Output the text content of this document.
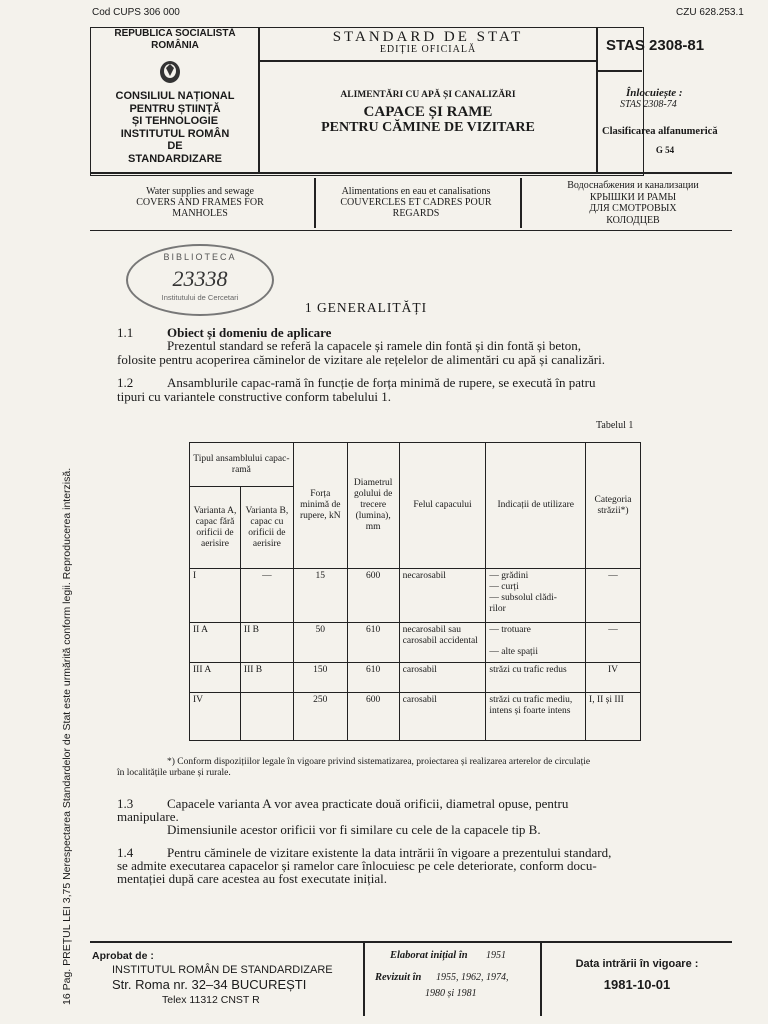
Cod CUPS 306 000	CZU 628.253.1
REPUBLICA SOCIALISTĂ
ROMÂNIA
CONSILIUL NAȚIONAL
PENTRU ȘTIINȚĂ
ȘI TEHNOLOGIE
INSTITUTUL ROMÂN
DE
STANDARDIZARE
STANDARD DE STAT
EDIȚIE OFICIALĂ
ALIMENTĂRI CU APĂ ȘI CANALIZĂRI
CAPACE ȘI RAME
PENTRU CĂMINE DE VIZITARE
STAS 2308-81
Înlocuiește :
STAS 2308-74
Clasificarea alfanumerică
G 54
Water supplies and sewage
COVERS AND FRAMES FOR
MANHOLES
Alimentations en eau et canalisations
COUVERCLES ET CADRES POUR
REGARDS
Водоснабжения и канализации
КРЫШКИ И РАМЫ
ДЛЯ СМОТРОВЫХ
КОЛОДЦЕВ
BIBLIOTECA
23338
Institutului de Cercetari
1 GENERALITĂȚI
1.1	Obiect și domeniu de aplicare
Prezentul standard se referă la capacele și ramele din fontă și din fontă și beton,
folosite pentru acoperirea căminelor de vizitare ale rețelelor de alimentări cu apă și canalizări.
1.2	Ansamblurile capac-ramă în funcție de forța minimă de rupere, se execută în patru
tipuri cu variantele constructive conform tabelului 1.
Tabelul 1
Tipul ansamblului capac-ramă		Forța minimă de rupere, kN	Diametrul golului de trecere (lumina), mm	Felul capacului	Indicații de utilizare	Categoria străzii*)
Varianta A, capac fără orificii de aerisire	Varianta B, capac cu orificii de aerisire					
I	—	15	600	necarosabil	— grădini
— curți
— subsolul clădi-
rilor	—
II A	II B	50	610	necarosabil sau carosabil accidental	— trotuare

— alte spații	—
III A	III B	150	610	carosabil	străzi cu trafic redus	IV
IV		250	600	carosabil	străzi cu trafic mediu, intens și foarte intens	I, II și III
*) Conform dispozițiilor legale în vigoare privind sistematizarea, proiectarea și realizarea arterelor de circulație
în localitățile urbane și rurale.
1.3	Capacele varianta A vor avea practicate două orificii, diametral opuse, pentru
manipulare.
Dimensiunile acestor orificii vor fi similare cu cele de la capacele tip B.
1.4	Pentru căminele de vizitare existente la data intrării în vigoare a prezentului standard,
se admite executarea capacelor și ramelor care înlocuiesc pe cele deteriorate, conform docu-
mentației după care acestea au fost executate inițial.
Aprobat de :
INSTITUTUL ROMÂN DE STANDARDIZARE
Str. Roma nr. 32–34 BUCUREȘTI
Telex 11312 CNST R
Elaborat inițial în 1951
Revizuit în 1955, 1962, 1974,
1980 și 1981
Data intrării în vigoare :
1981-10-01
16 Pag. PREȚUL LEI 3,75 Nerespectarea Standardelor de Stat este urmărită conform legii. Reproducerea interzisă.
